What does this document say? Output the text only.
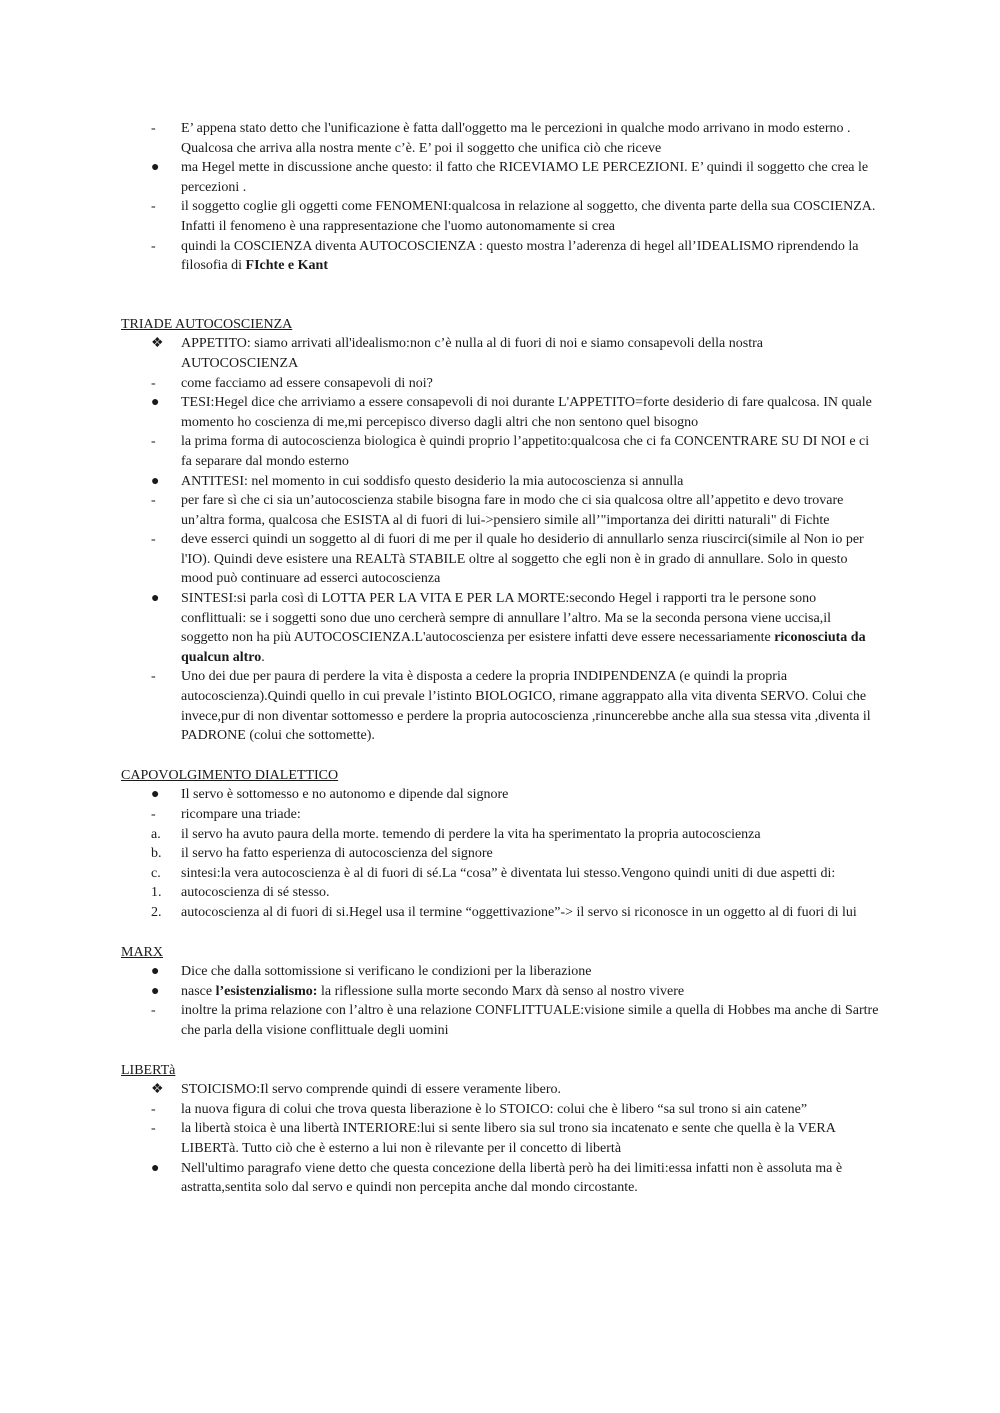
-	E’ appena stato detto che l'unificazione è fatta dall'oggetto ma le percezioni in qualche modo arrivano in modo esterno . Qualcosa che arriva alla nostra mente c’è. E’ poi il soggetto che unifica ciò che riceve
●	ma Hegel mette in discussione anche questo: il fatto che RICEVIAMO LE PERCEZIONI. E’ quindi il soggetto che crea le percezioni .
-	il soggetto coglie gli oggetti come FENOMENI:qualcosa in relazione al soggetto, che diventa parte della sua COSCIENZA. Infatti il fenomeno è una rappresentazione che l'uomo autonomamente si crea
-	quindi la COSCIENZA diventa AUTOCOSCIENZA : questo mostra l’aderenza di hegel all’IDEALISMO riprendendo la filosofia di FIchte e Kant
TRIADE AUTOCOSCIENZA
❖	APPETITO: siamo arrivati all'idealismo:non c’è nulla al di fuori di noi e siamo consapevoli della nostra AUTOCOSCIENZA
-	come facciamo ad essere consapevoli di noi?
●	TESI:Hegel dice che arriviamo a essere consapevoli di noi durante L'APPETITO=forte desiderio di fare qualcosa. IN quale momento ho coscienza di me,mi percepisco diverso dagli altri che non sentono quel bisogno
-	la prima forma di autocoscienza biologica è quindi proprio l’appetito:qualcosa che ci fa CONCENTRARE SU DI NOI e ci fa separare dal mondo esterno
●	ANTITESI: nel momento in cui soddisfo questo desiderio la mia autocoscienza si annulla
-	per fare sì che ci sia un’autocoscienza stabile bisogna fare in modo che ci sia qualcosa oltre all’appetito e devo trovare un’altra forma, qualcosa che ESISTA al di fuori di lui->pensiero simile all’"importanza dei diritti naturali" di Fichte
-	deve esserci quindi un soggetto al di fuori di me per il quale ho desiderio di annullarlo senza riuscirci(simile al Non io per l'IO). Quindi deve esistere una REALTà STABILE oltre al soggetto che egli non è in grado di annullare. Solo in questo mood può continuare ad esserci autocoscienza
●	SINTESI:si parla così di LOTTA PER LA VITA E PER LA MORTE:secondo Hegel i rapporti tra le persone sono conflittuali: se i soggetti sono due uno cercherà sempre di annullare l’altro. Ma se la seconda persona viene uccisa,il soggetto non ha più AUTOCOSCIENZA.L'autocoscienza per esistere infatti deve essere necessariamente riconosciuta da qualcun altro.
-	Uno dei due per paura di perdere la vita è disposta a cedere la propria INDIPENDENZA (e quindi la propria autocoscienza).Quindi quello in cui prevale l’istinto BIOLOGICO, rimane aggrappato alla vita diventa SERVO. Colui che invece,pur di non diventar sottomesso e perdere la propria autocoscienza ,rinuncerebbe anche alla sua stessa vita ,diventa il PADRONE (colui che sottomette).
CAPOVOLGIMENTO DIALETTICO
●	Il servo è sottomesso e no autonomo e dipende dal signore
-	ricompare una triade:
a.	il servo ha avuto paura della morte. temendo di perdere la vita ha sperimentato la propria autocoscienza
b.	il servo ha fatto esperienza di autocoscienza del signore
c.	sintesi:la vera autocoscienza è al di fuori di sé.La “cosa” è diventata lui stesso.Vengono quindi uniti di due aspetti di:
1.	autocoscienza di sé stesso.
2.	autocoscienza al di fuori di si.Hegel usa il termine “oggettivazione”-> il servo si riconosce in un oggetto al di fuori di lui
MARX
●	Dice che dalla sottomissione si verificano le condizioni per la liberazione
●	nasce l’esistenzialismo: la riflessione sulla morte secondo Marx dà senso al nostro vivere
-	inoltre la prima relazione con l’altro è una relazione CONFLITTUALE:visione simile a quella di Hobbes ma anche di Sartre che parla della visione conflittuale degli uomini
LIBERTà
❖	STOICISMO:Il servo comprende quindi di essere veramente libero.
-	la nuova figura di colui che trova questa liberazione è lo STOICO: colui che è libero “sa sul trono si ain catene”
-	la libertà stoica è una libertà INTERIORE:lui si sente libero sia sul trono sia incatenato e sente che quella è la VERA LIBERTà. Tutto ciò che è esterno a lui non è rilevante per il concetto di libertà
●	Nell'ultimo paragrafo viene detto che questa concezione della libertà però ha dei limiti:essa infatti non è assoluta ma è astratta,sentita solo dal servo e quindi non percepita anche dal mondo circostante.
